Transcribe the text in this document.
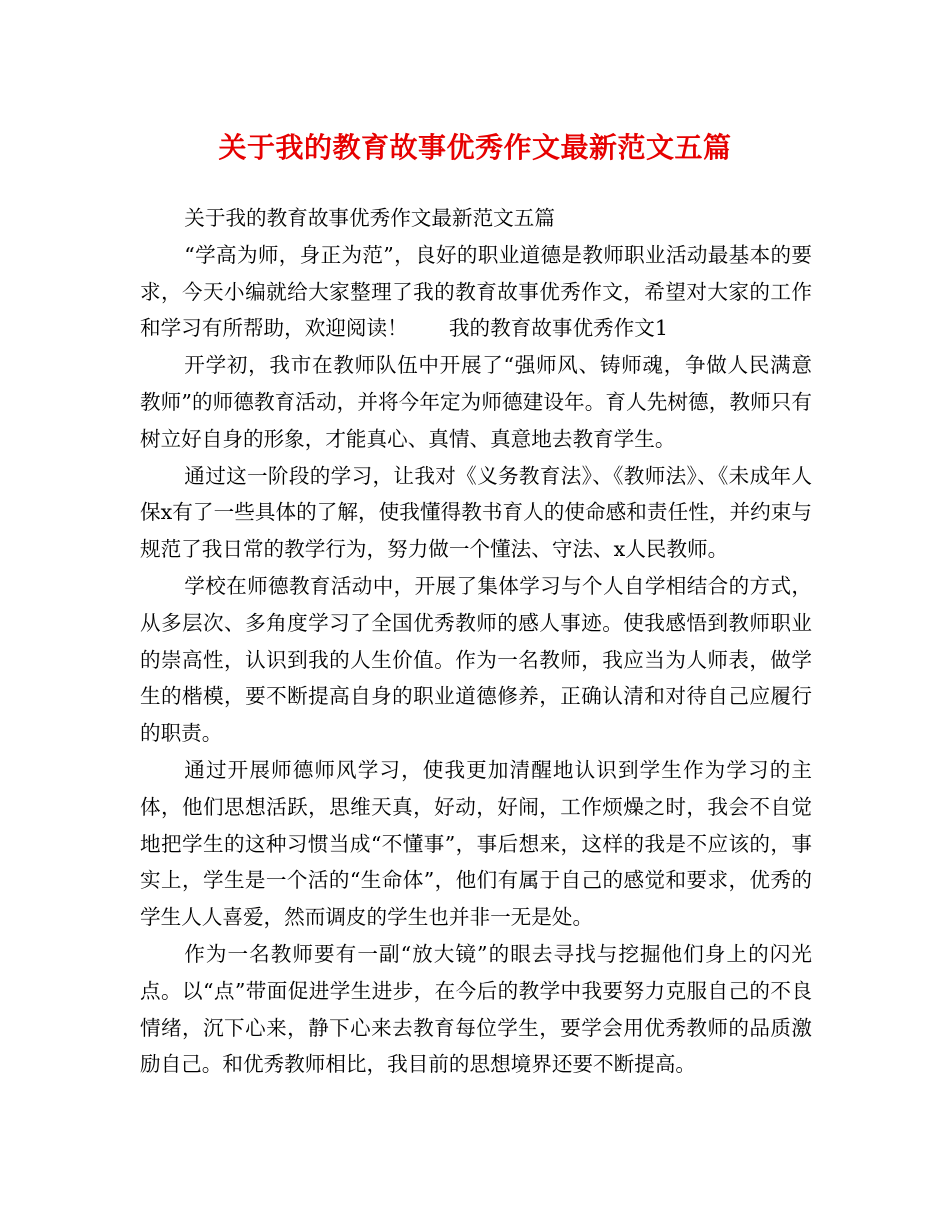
关于我的教育故事优秀作文最新范文五篇

关于我的教育故事优秀作文最新范文五篇

“学高为师，身正为范”，良好的职业道德是教师职业活动最基本的要求，今天小编就给大家整理了我的教育故事优秀作文，希望对大家的工作和学习有所帮助，欢迎阅读！　　我的教育故事优秀作文1

开学初，我市在教师队伍中开展了“强师风、铸师魂，争做人民满意教师”的师德教育活动，并将今年定为师德建设年。育人先树德，教师只有树立好自身的形象，才能真心、真情、真意地去教育学生。

通过这一阶段的学习，让我对《义务教育法》、《教师法》、《未成年人保x有了一些具体的了解，使我懂得教书育人的使命感和责任性，并约束与规范了我日常的教学行为，努力做一个懂法、守法、x人民教师。

学校在师德教育活动中，开展了集体学习与个人自学相结合的方式，从多层次、多角度学习了全国优秀教师的感人事迹。使我感悟到教师职业的崇高性，认识到我的人生价值。作为一名教师，我应当为人师表，做学生的楷模，要不断提高自身的职业道德修养，正确认清和对待自己应履行的职责。

通过开展师德师风学习，使我更加清醒地认识到学生作为学习的主体，他们思想活跃，思维天真，好动，好闹，工作烦燥之时，我会不自觉地把学生的这种习惯当成“不懂事”，事后想来，这样的我是不应该的，事实上，学生是一个活的“生命体”，他们有属于自己的感觉和要求，优秀的学生人人喜爱，然而调皮的学生也并非一无是处。

作为一名教师要有一副“放大镜”的眼去寻找与挖掘他们身上的闪光点。以“点”带面促进学生进步，在今后的教学中我要努力克服自己的不良情绪，沉下心来，静下心来去教育每位学生，要学会用优秀教师的品质激励自己。和优秀教师相比，我目前的思想境界还要不断提高。
